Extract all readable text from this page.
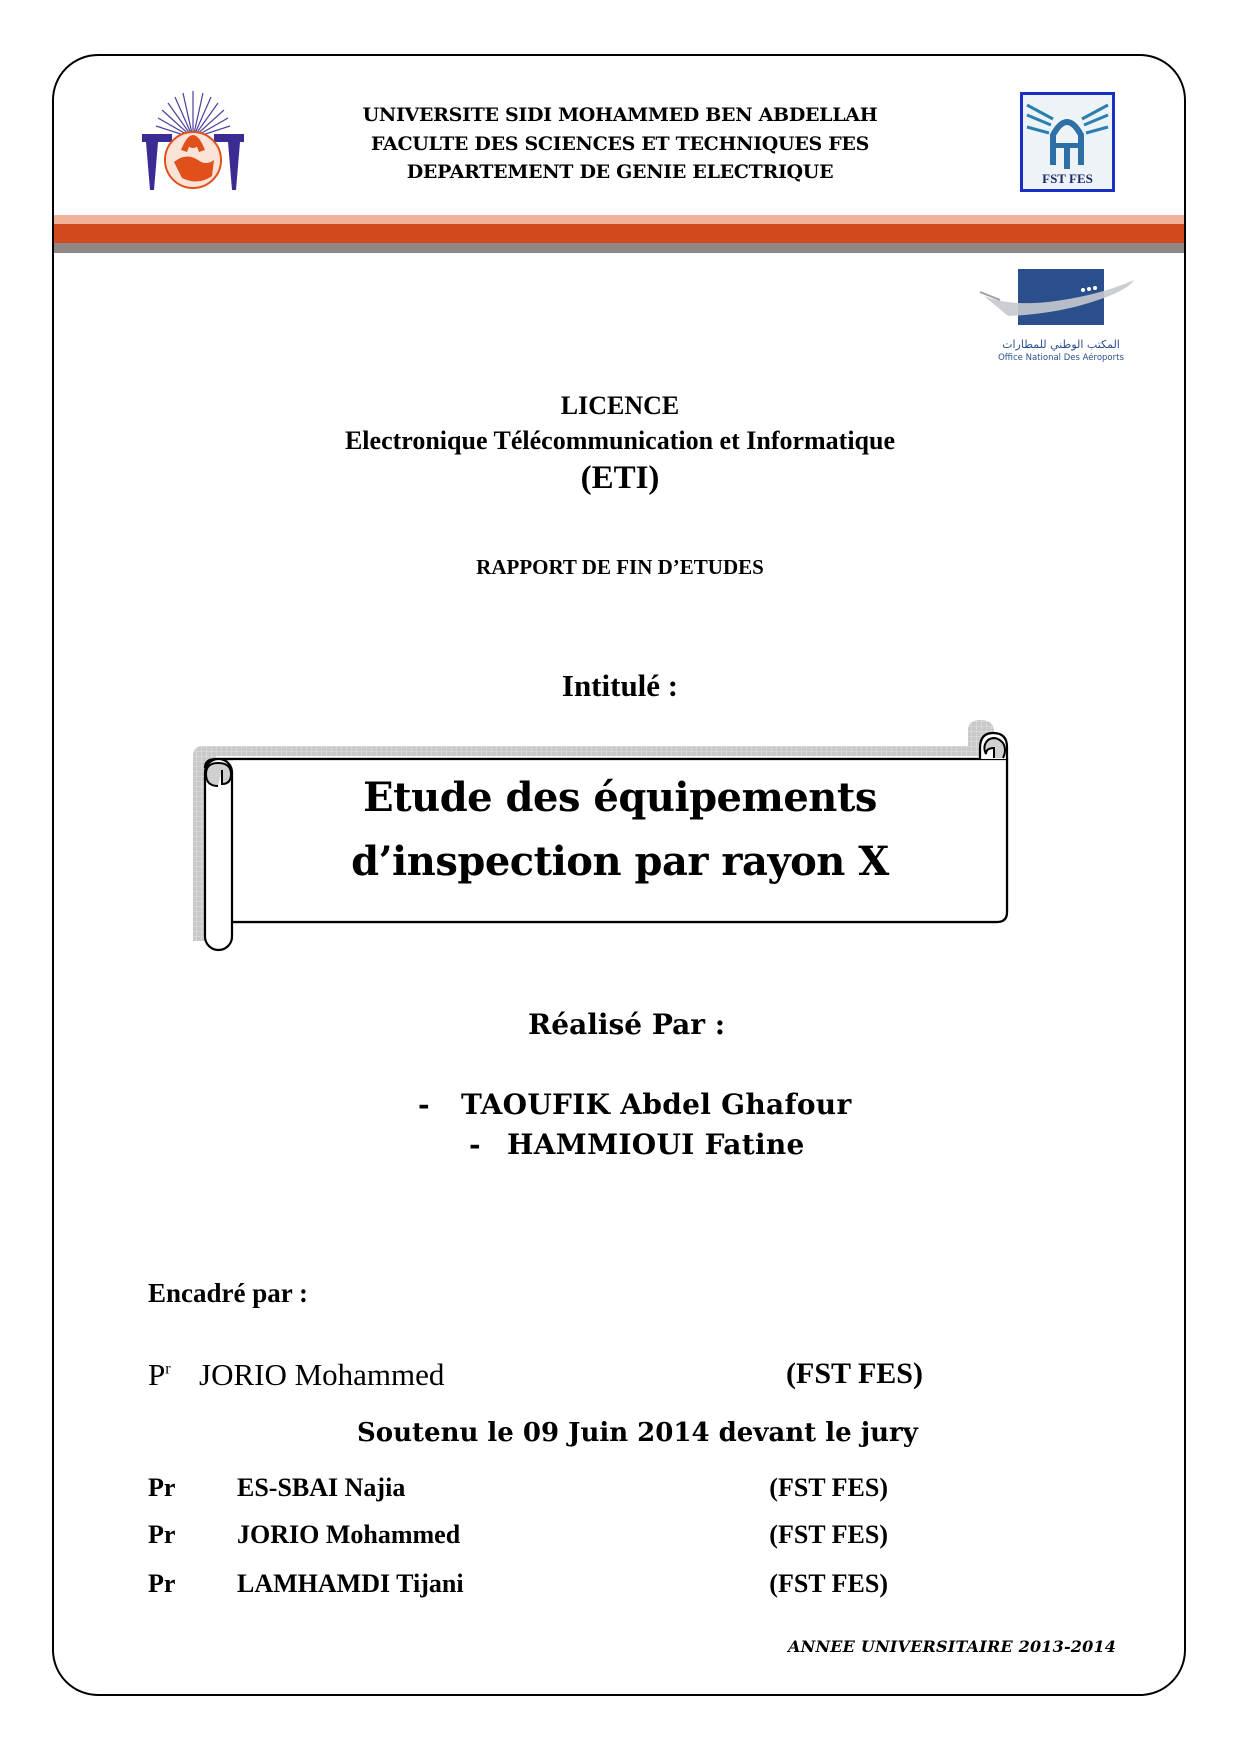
UNIVERSITE SIDI MOHAMMED BEN ABDELLAH
FACULTE DES SCIENCES ET TECHNIQUES FES
DEPARTEMENT DE GENIE ELECTRIQUE	FST FES
المكتب الوطني للمطارات
Office National Des Aéroports
LICENCE
Electronique Télécommunication et Informatique
(ETI)
RAPPORT DE FIN D’ETUDES
Intitulé :
Etude des équipements
d’inspection par rayon X
Réalisé Par :
- TAOUFIK Abdel Ghafour
- HAMMIOUI Fatine
Encadré par :
$P^r$ JORIO Mohammed	(FST FES)
Soutenu le 09 Juin 2014 devant le jury
Pr ES-SBAI Najia	(FST FES)
Pr JORIO Mohammed	(FST FES)
Pr LAMHAMDI Tijani	(FST FES)
ANNEE UNIVERSITAIRE 2013-2014
